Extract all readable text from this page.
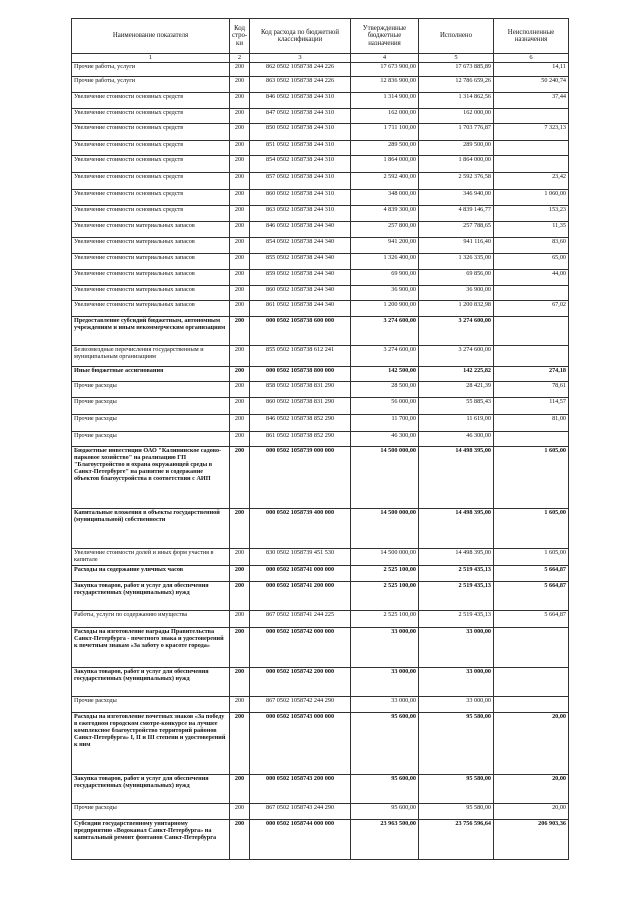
Наименование показателя	Код стро-ки	Код расхода по бюджетной классификации	Утвержденные бюджетные назначения	Исполнено	Неисполненные назначения
1	2	3	4	5	6
Прочие работы, услуги	200	862 0502 1058738 244 226	17 673 900,00	17 673 885,89	14,11
Прочие работы, услуги	200	863 0502 1058738 244 226	12 836 900,00	12 786 659,26	50 240,74
Увеличение стоимости основных средств	200	846 0502 1058738 244 310	1 314 900,00	1 314 862,56	37,44
Увеличение стоимости основных средств	200	847 0502 1058738 244 310	162 000,00	162 000,00	
Увеличение стоимости основных средств	200	850 0502 1058738 244 310	1 711 100,00	1 703 776,87	7 323,13
Увеличение стоимости основных средств	200	851 0502 1058738 244 310	289 500,00	289 500,00	
Увеличение стоимости основных средств	200	854 0502 1058738 244 310	1 864 000,00	1 864 000,00	
Увеличение стоимости основных средств	200	857 0502 1058738 244 310	2 592 400,00	2 592 376,58	23,42
Увеличение стоимости основных средств	200	860 0502 1058738 244 310	348 000,00	346 940,00	1 060,00
Увеличение стоимости основных средств	200	863 0502 1058738 244 310	4 839 300,00	4 839 146,77	153,23
Увеличение стоимости материальных запасов	200	846 0502 1058738 244 340	257 800,00	257 788,65	11,35
Увеличение стоимости материальных запасов	200	854 0502 1058738 244 340	941 200,00	941 116,40	83,60
Увеличение стоимости материальных запасов	200	855 0502 1058738 244 340	1 326 400,00	1 326 335,00	65,00
Увеличение стоимости материальных запасов	200	859 0502 1058738 244 340	69 900,00	69 856,00	44,00
Увеличение стоимости материальных запасов	200	860 0502 1058738 244 340	36 900,00	36 900,00	
Увеличение стоимости материальных запасов	200	861 0502 1058738 244 340	1 200 900,00	1 200 832,98	67,02
Предоставление субсидий бюджетным, автономным учреждениям и иным некоммерческим организациям	200	000 0502 1058738 600 000	3 274 600,00	3 274 600,00	
Безвозмездные перечисления государственным и муниципальным организациям	200	855 0502 1058738 612 241	3 274 600,00	3 274 600,00	
Иные бюджетные ассигнования	200	000 0502 1058738 800 000	142 500,00	142 225,82	274,18
Прочие расходы	200	858 0502 1058738 831 290	28 500,00	28 421,39	78,61
Прочие расходы	200	860 0502 1058738 831 290	56 000,00	55 885,43	114,57
Прочие расходы	200	846 0502 1058738 852 290	11 700,00	11 619,00	81,00
Прочие расходы	200	861 0502 1058738 852 290	46 300,00	46 300,00	
Бюджетные инвестиции ОАО "Калининское садово-парковое хозяйство" на реализацию ГП "Благоустройство и охрана окружающей среды в Санкт-Петербурге" на развитие и содержание объектов благоустройства в соответствии с АИП	200	000 0502 1058739 000 000	14 500 000,00	14 498 395,00	1 605,00
Капитальные вложения в объекты государственной (муниципальной) собственности	200	000 0502 1058739 400 000	14 500 000,00	14 498 395,00	1 605,00
Увеличение стоимости долей и иных форм участия в капитале	200	830 0502 1058739 451 530	14 500 000,00	14 498 395,00	1 605,00
Расходы на содержание уличных часов	200	000 0502 1058741 000 000	2 525 100,00	2 519 435,13	5 664,87
Закупка товаров, работ и услуг для обеспечения государственных (муниципальных) нужд	200	000 0502 1058741 200 000	2 525 100,00	2 519 435,13	5 664,87
Работы, услуги по содержанию имущества	200	867 0502 1058741 244 225	2 525 100,00	2 519 435,13	5 664,87
Расходы на изготовление награды Правительства Санкт-Петербурга - почетного знака и удостоверений к почетным знакам «За заботу о красоте города»	200	000 0502 1058742 000 000	33 000,00	33 000,00	
Закупка товаров, работ и услуг для обеспечения государственных (муниципальных) нужд	200	000 0502 1058742 200 000	33 000,00	33 000,00	
Прочие расходы	200	867 0502 1058742 244 290	33 000,00	33 000,00	
Расходы на изготовление почетных знаков «За победу в ежегодном городском смотре-конкурсе на лучшее комплексное благоустройство территорий районов Санкт-Петербурга» I, II и III степени и удостоверений к ним	200	000 0502 1058743 000 000	95 600,00	95 580,00	20,00
Закупка товаров, работ и услуг для обеспечения государственных (муниципальных) нужд	200	000 0502 1058743 200 000	95 600,00	95 580,00	20,00
Прочие расходы	200	867 0502 1058743 244 290	95 600,00	95 580,00	20,00
Субсидии государственному унитарному предприятию «Водоканал Санкт-Петербурга» на капитальный ремонт фонтанов Санкт-Петербурга	200	000 0502 1058744 000 000	23 963 500,00	23 756 596,64	206 903,36
